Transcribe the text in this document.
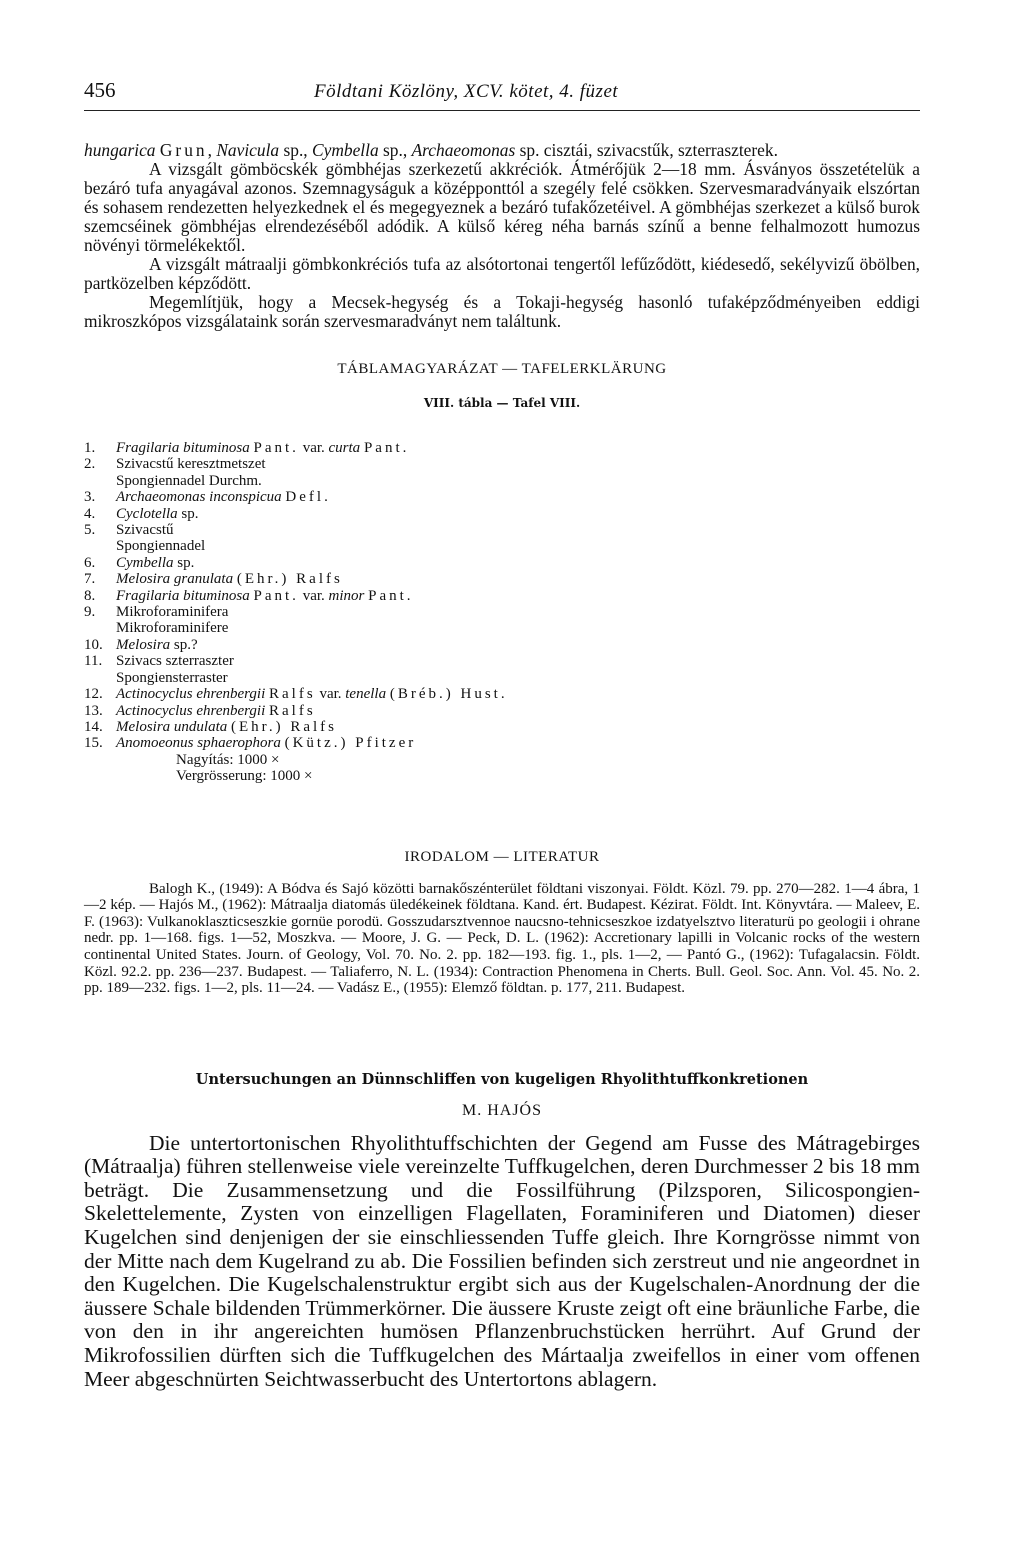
456	Földtani Közlöny, XCV. kötet, 4. füzet

hungarica Grun, Navicula sp., Cymbella sp., Archaeomonas sp. cisztái, szivacstűk, szterraszterek.

A vizsgált gömböcskék gömbhéjas szerkezetű akkréciók. Átmérőjük 2—18 mm. Ásványos összetételük a bezáró tufa anyagával azonos. Szemnagyságuk a középponttól a szegély felé csökken. Szervesmaradványaik elszórtan és sohasem rendezetten helyezkednek el és megegyeznek a bezáró tufakőzetéivel. A gömbhéjas szerkezet a külső burok szemcséinek gömbhéjas elrendezéséből adódik. A külső kéreg néha barnás színű a benne felhalmozott humozus növényi törmelékektől.

A vizsgált mátraalji gömbkonkréciós tufa az alsótortonai tengertől lefűződött, kiédesedő, sekélyvizű öbölben, partközelben képződött.

Megemlítjük, hogy a Mecsek-hegység és a Tokaji-hegység hasonló tufaképződményeiben eddigi mikroszkópos vizsgálataink során szervesmaradványt nem találtunk.

TÁBLAMAGYARÁZAT — TAFELERKLÄRUNG
VIII. tábla — Tafel VIII.
1. Fragilaria bituminosa Pant. var. curta Pant.
2. Szivacstű keresztmetszet
Spongiennadel Durchm.
3. Archaeomonas inconspicua Defl.
4. Cyclotella sp.
5. Szivacstű
Spongiennadel
6. Cymbella sp.
7. Melosira granulata (Ehr.) Ralfs
8. Fragilaria bituminosa Pant. var. minor Pant.
9. Mikroforaminifera
Mikroforaminifere
10. Melosira sp.?
11. Szivacs szterraszter
Spongiensterraster
12. Actinocyclus ehrenbergii Ralfs var. tenella (Bréb.) Hust.
13. Actinocyclus ehrenbergii Ralfs
14. Melosira undulata (Ehr.) Ralfs
15. Anomoeonus sphaerophora (Kütz.) Pfitzer
Nagyítás: 1000 ×
Vergrösserung: 1000 ×
IRODALOM — LITERATUR
Balogh K., (1949): A Bódva és Sajó közötti barnakőszénterület földtani viszonyai. Földt. Közl. 79. pp. 270—282. 1—4 ábra, 1—2 kép. — Hajós M., (1962): Mátraalja diatomás üledékeinek földtana. Kand. ért. Budapest. Kézirat. Földt. Int. Könyvtára. — Maleev, E. F. (1963): Vulkanoklaszticseszkie gornüe porodü. Gosszudarsztvennoe naucsno-tehnicseszkoe izdatyelsztvo literaturü po geologii i ohrane nedr. pp. 1—168. figs. 1—52, Moszkva. — Moore, J. G. — Peck, D. L. (1962): Accretionary lapilli in Volcanic rocks of the western continental United States. Journ. of Geology, Vol. 70. No. 2. pp. 182—193. fig. 1., pls. 1—2, — Pantó G., (1962): Tufagalacsin. Földt. Közl. 92.2. pp. 236—237. Budapest. — Taliaferro, N. L. (1934): Contraction Phenomena in Cherts. Bull. Geol. Soc. Ann. Vol. 45. No. 2. pp. 189—232. figs. 1—2, pls. 11—24. — Vadász E., (1955): Elemző földtan. p. 177, 211. Budapest.
Untersuchungen an Dünnschliffen von kugeligen Rhyolithtuffkonkretionen
M. HAJÓS
Die untertortonischen Rhyolithtuffschichten der Gegend am Fusse des Mátragebirges (Mátraalja) führen stellenweise viele vereinzelte Tuffkugelchen, deren Durchmesser 2 bis 18 mm beträgt. Die Zusammensetzung und die Fossilführung (Pilzsporen, Silicospongien-Skelettelemente, Zysten von einzelligen Flagellaten, Foraminiferen und Diatomen) dieser Kugelchen sind denjenigen der sie einschliessenden Tuffe gleich. Ihre Korngrösse nimmt von der Mitte nach dem Kugelrand zu ab. Die Fossilien befinden sich zerstreut und nie angeordnet in den Kugelchen. Die Kugelschalenstruktur ergibt sich aus der Kugelschalen-Anordnung der die äussere Schale bildenden Trümmerkörner. Die äussere Kruste zeigt oft eine bräunliche Farbe, die von den in ihr angereichten humösen Pflanzenbruchstücken herrührt. Auf Grund der Mikrofossilien dürften sich die Tuffkugelchen des Mártaalja zweifellos in einer vom offenen Meer abgeschnürten Seichtwasserbucht des Untertortons ablagern.
